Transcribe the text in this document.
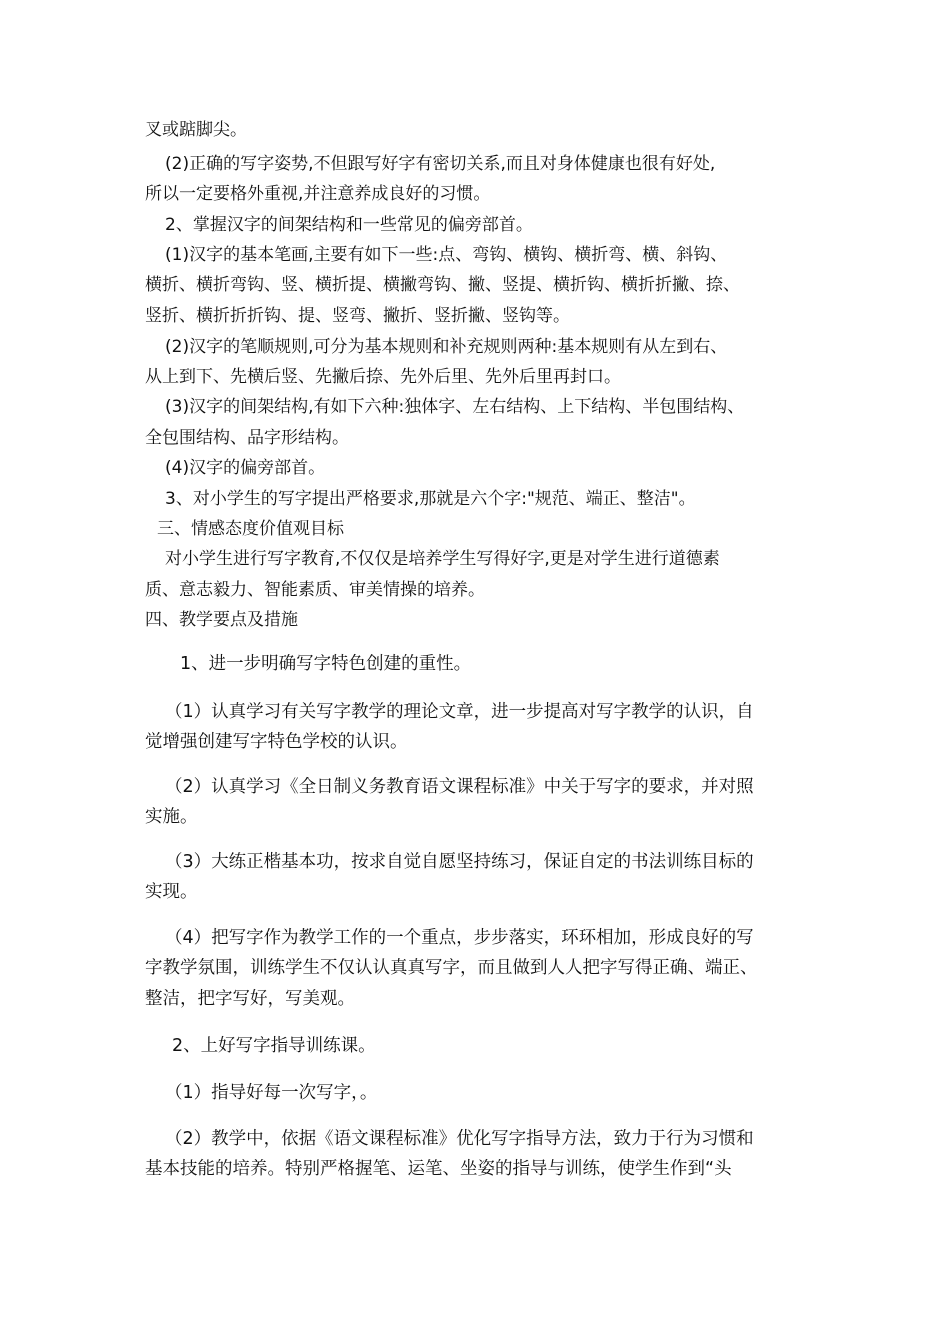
叉或踮脚尖。
(2)正确的写字姿势,不但跟写好字有密切关系,而且对身体健康也很有好处,
所以一定要格外重视,并注意养成良好的习惯。
2、掌握汉字的间架结构和一些常见的偏旁部首。
(1)汉字的基本笔画,主要有如下一些:点、弯钩、横钩、横折弯、横、斜钩、
横折、横折弯钩、竖、横折提、横撇弯钩、撇、竖提、横折钩、横折折撇、捺、
竖折、横折折折钩、提、竖弯、撇折、竖折撇、竖钩等。
(2)汉字的笔顺规则,可分为基本规则和补充规则两种:基本规则有从左到右、
从上到下、先横后竖、先撇后捺、先外后里、先外后里再封口。
(3)汉字的间架结构,有如下六种:独体字、左右结构、上下结构、半包围结构、
全包围结构、品字形结构。
(4)汉字的偏旁部首。
3、对小学生的写字提出严格要求,那就是六个字:"规范、端正、整洁"。
三、情感态度价值观目标
对小学生进行写字教育,不仅仅是培养学生写得好字,更是对学生进行道德素
质、意志毅力、智能素质、审美情操的培养。
四、教学要点及措施
1、进一步明确写字特色创建的重性。
（1）认真学习有关写字教学的理论文章，进一步提高对写字教学的认识，自
觉增强创建写字特色学校的认识。
（2）认真学习《全日制义务教育语文课程标准》中关于写字的要求，并对照
实施。
（3）大练正楷基本功，按求自觉自愿坚持练习，保证自定的书法训练目标的
实现。
（4）把写字作为教学工作的一个重点，步步落实，环环相加，形成良好的写
字教学氛围，训练学生不仅认认真真写字，而且做到人人把字写得正确、端正、
整洁，把字写好，写美观。
2、上好写字指导训练课。
（1）指导好每一次写字，。
（2）教学中，依据《语文课程标准》优化写字指导方法，致力于行为习惯和
基本技能的培养。特别严格握笔、运笔、坐姿的指导与训练，使学生作到“头
